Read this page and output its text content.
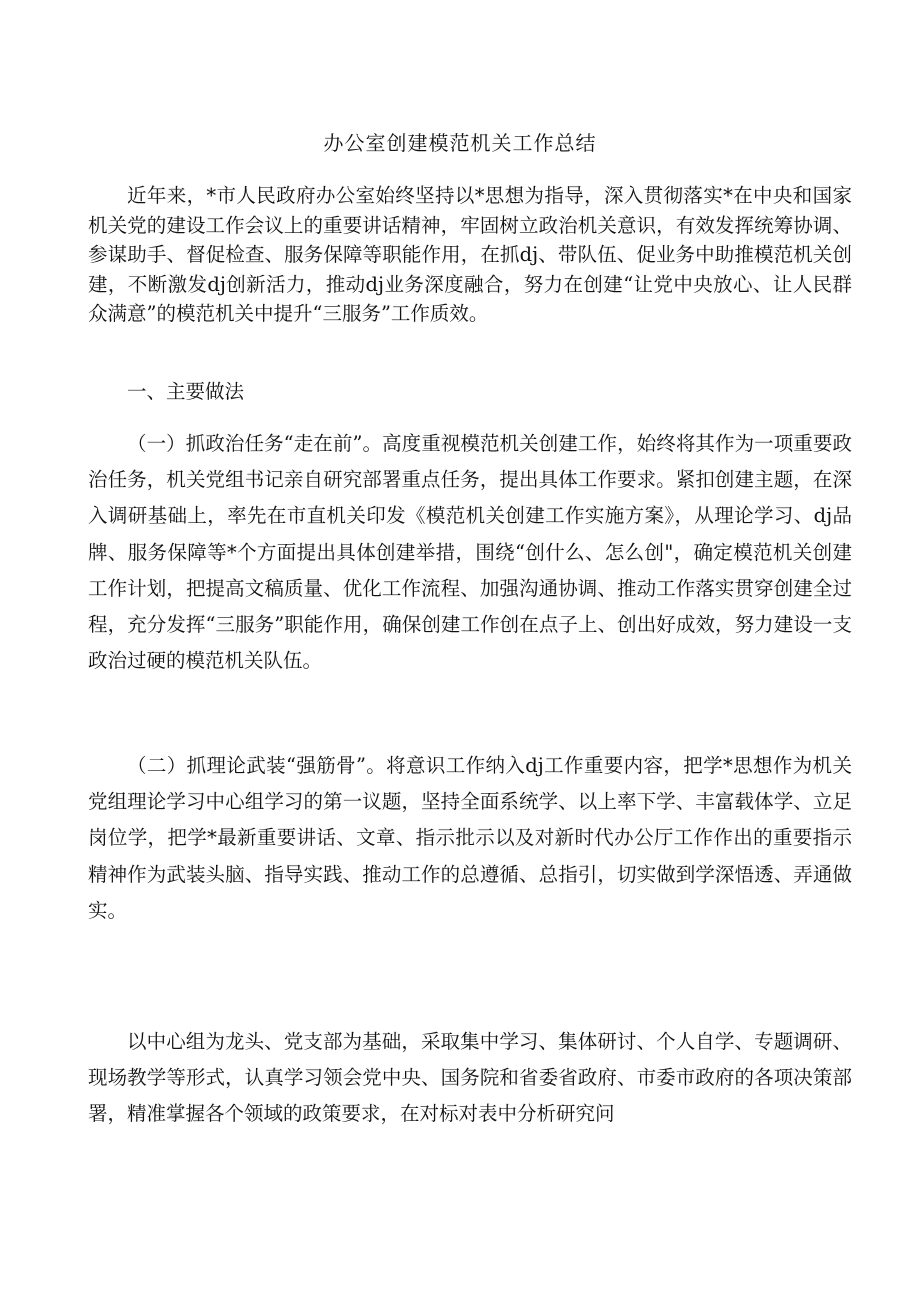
办公室创建模范机关工作总结

近年来，*市人民政府办公室始终坚持以*思想为指导，深入贯彻落实*在中央和国家机关党的建设工作会议上的重要讲话精神，牢固树立政治机关意识，有效发挥统筹协调、参谋助手、督促检查、服务保障等职能作用，在抓dj、带队伍、促业务中助推模范机关创建，不断激发dj创新活力，推动dj业务深度融合，努力在创建“让党中央放心、让人民群众满意”的模范机关中提升“三服务”工作质效。

一、主要做法

（一）抓政治任务“走在前”。高度重视模范机关创建工作，始终将其作为一项重要政治任务，机关党组书记亲自研究部署重点任务，提出具体工作要求。紧扣创建主题，在深入调研基础上，率先在市直机关印发《模范机关创建工作实施方案》，从理论学习、dj品牌、服务保障等*个方面提出具体创建举措，围绕“创什么、怎么创"，确定模范机关创建工作计划，把提高文稿质量、优化工作流程、加强沟通协调、推动工作落实贯穿创建全过程，充分发挥“三服务”职能作用，确保创建工作创在点子上、创出好成效，努力建设一支政治过硬的模范机关队伍。

（二）抓理论武装“强筋骨”。将意识工作纳入dj工作重要内容，把学*思想作为机关党组理论学习中心组学习的第一议题，坚持全面系统学、以上率下学、丰富载体学、立足岗位学，把学*最新重要讲话、文章、指示批示以及对新时代办公厅工作作出的重要指示精神作为武装头脑、指导实践、推动工作的总遵循、总指引，切实做到学深悟透、弄通做实。

以中心组为龙头、党支部为基础，采取集中学习、集体研讨、个人自学、专题调研、现场教学等形式，认真学习领会党中央、国务院和省委省政府、市委市政府的各项决策部署，精准掌握各个领域的政策要求，在对标对表中分析研究问
